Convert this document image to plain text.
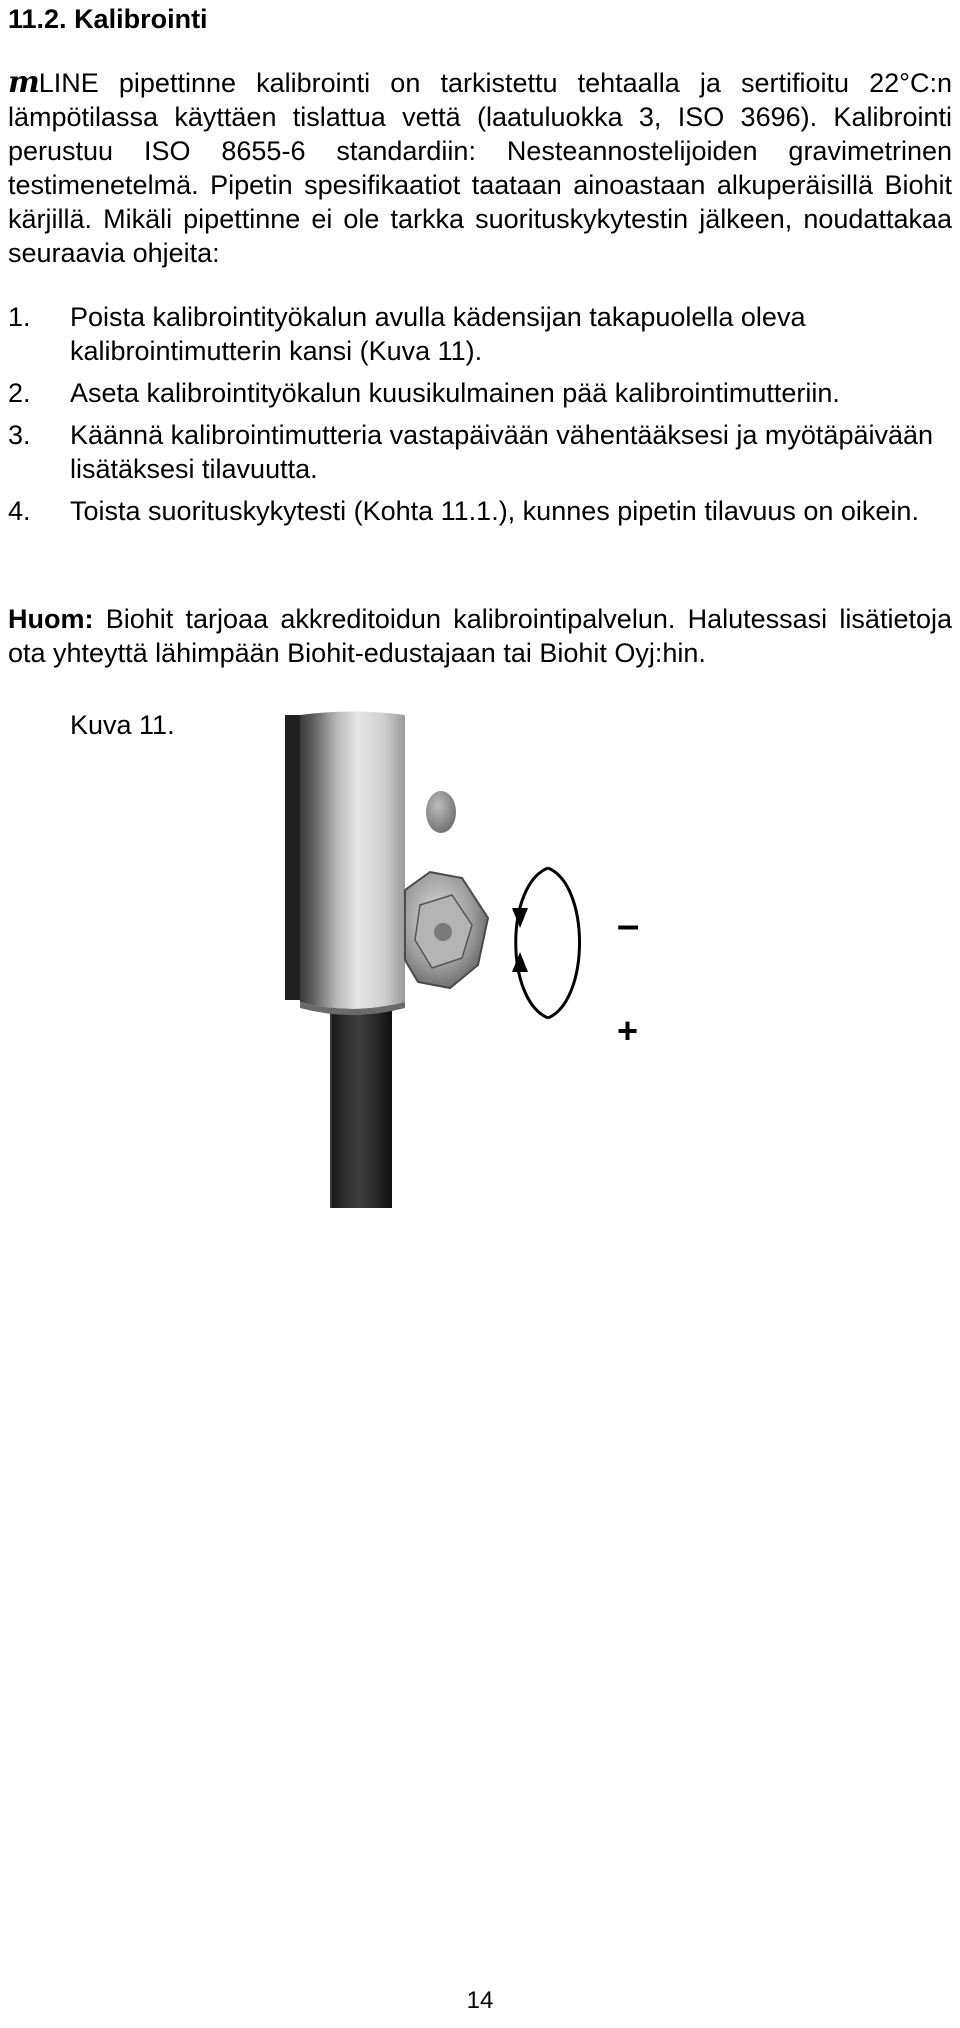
11.2. Kalibrointi
mLINE pipettinne kalibrointi on tarkistettu tehtaalla ja sertifioitu 22°C:n lämpötilassa käyttäen tislattua vettä (laatuluokka 3, ISO 3696). Kalibrointi perustuu ISO 8655-6 standardiin: Nesteannostelijoiden gravimetrinen testimenetelmä. Pipetin spesifikaatiot taataan ainoastaan alkuperäisillä Biohit kärjillä. Mikäli pipettinne ei ole tarkka suorituskykytestin jälkeen, noudattakaa seuraavia ohjeita:
1. Poista kalibrointityökalun avulla kädensijan takapuolella oleva kalibrointimutterin kansi (Kuva 11).
2. Aseta kalibrointityökalun kuusikulmainen pää kalibrointimutteriin.
3. Käännä kalibrointimutteria vastapäivään vähentääksesi ja myötäpäivään lisätäksesi tilavuutta.
4. Toista suorituskykytesti (Kohta 11.1.), kunnes pipetin tilavuus on oikein.
Huom: Biohit tarjoaa akkreditoidun kalibrointipalvelun. Halutessasi lisätietoja ota yhteyttä lähimpään Biohit-edustajaan tai Biohit Oyj:hin.
Kuva 11.
–
+
14
